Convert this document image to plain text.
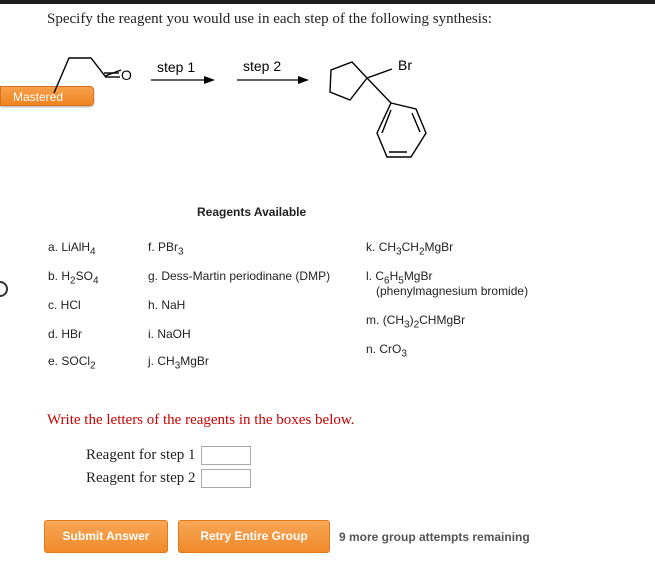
Specify the reagent you would use in each step of the following synthesis:
Mastered
O step 1	step 2	Br
Reagents Available
a. LiAlH$_4$
b. $H_2SO_4$
c. HCl
d. HBr
e. SOCl$_2$
f. PBr$_3$
g. Dess-Martin periodinane (DMP)
h. NaH
i. NaOH
j. $CH_3MgBr$
k. $CH_3CH_2MgBr$
l. $C_6H_5MgBr$
(phenylmagnesium bromide)
m. $(CH_3)_2CHMgBr$
n. CrO$_3$
Write the letters of the reagents in the boxes below.
Reagent for step 1
Reagent for step 2
Submit Answer	Retry Entire Group	9 more group attempts remaining
